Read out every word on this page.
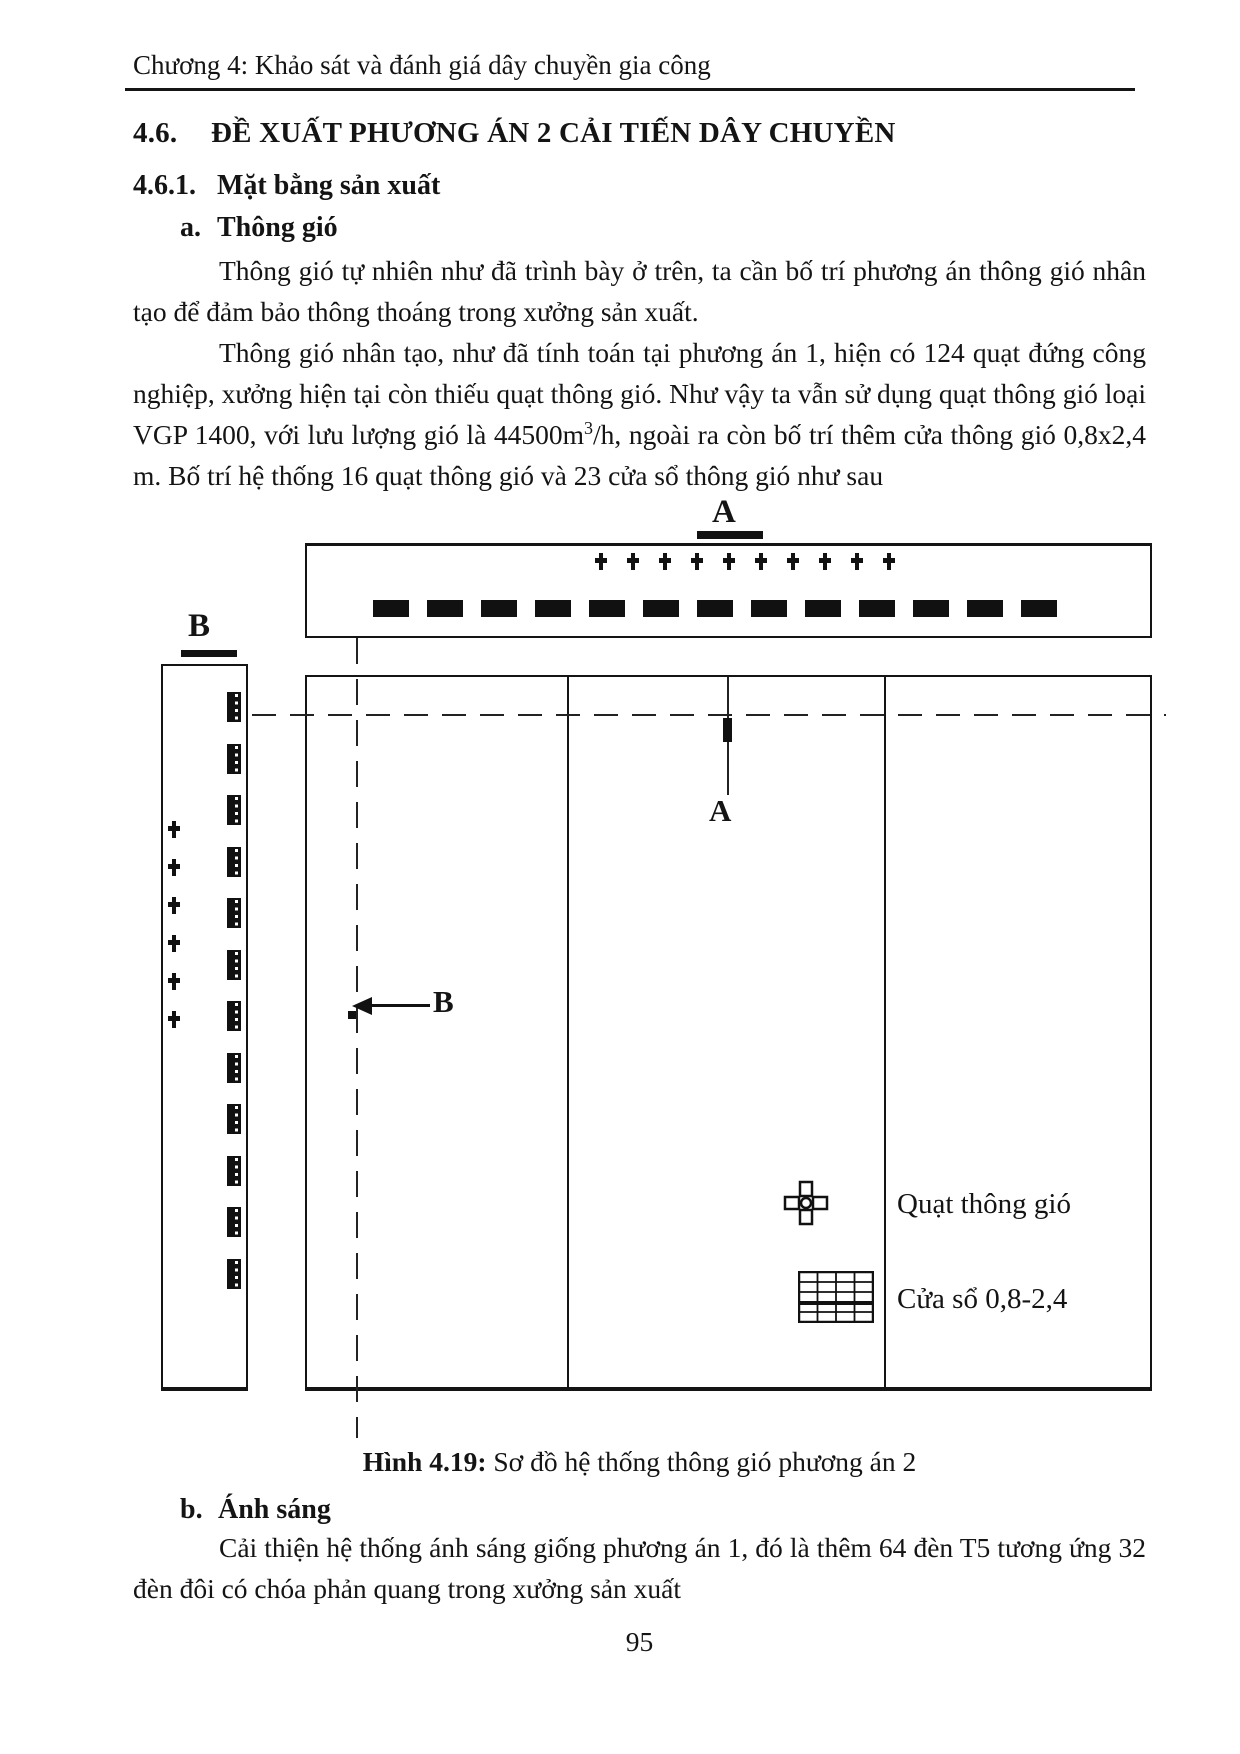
Chương 4: Khảo sát và đánh giá dây chuyền gia công
4.6. ĐỀ XUẤT PHƯƠNG ÁN 2 CẢI TIẾN DÂY CHUYỀN
4.6.1. Mặt bằng sản xuất
a. Thông gió
Thông gió tự nhiên như đã trình bày ở trên, ta cần bố trí phương án thông gió nhân tạo để đảm bảo thông thoáng trong xưởng sản xuất.
Thông gió nhân tạo, như đã tính toán tại phương án 1, hiện có 124 quạt đứng công nghiệp, xưởng hiện tại còn thiếu quạt thông gió. Như vậy ta vẫn sử dụng quạt thông gió loại VGP 1400, với lưu lượng gió là $44500m^3/h$, ngoài ra còn bố trí thêm cửa thông gió 0,8x2,4 m. Bố trí hệ thống 16 quạt thông gió và 23 cửa sổ thông gió như sau
A
B
A
B
Quạt thông gió
Cửa sổ 0,8-2,4
Hình 4.19: Sơ đồ hệ thống thông gió phương án 2
b. Ánh sáng
Cải thiện hệ thống ánh sáng giống phương án 1, đó là thêm 64 đèn T5 tương ứng 32 đèn đôi có chóa phản quang trong xưởng sản xuất
95
